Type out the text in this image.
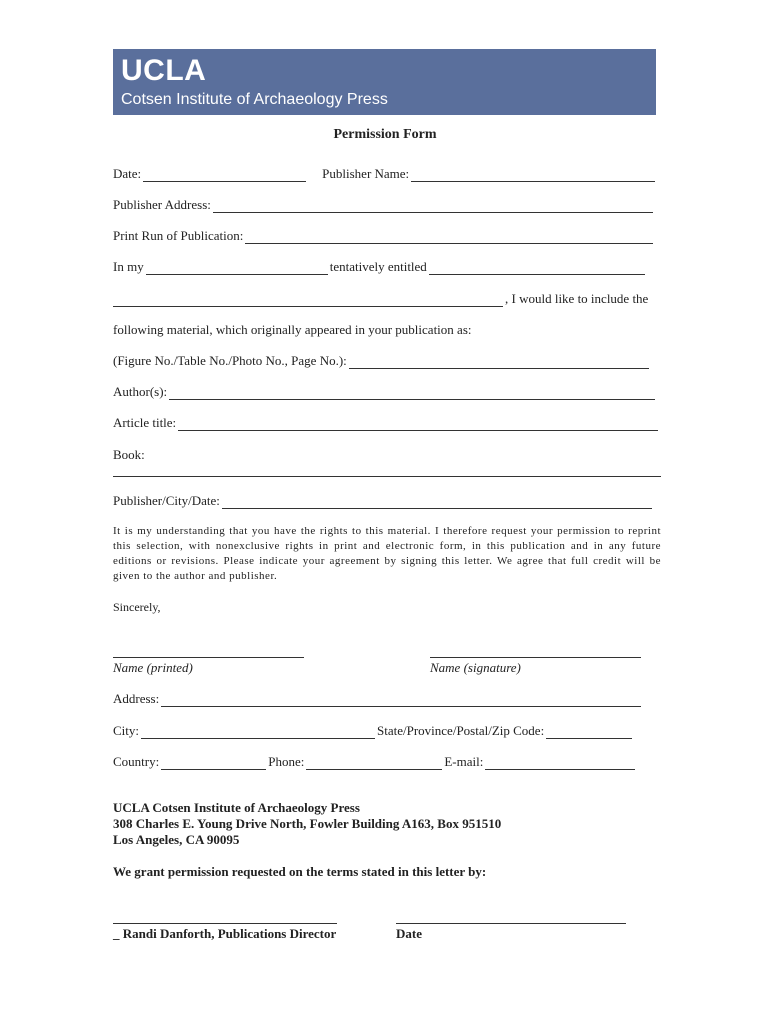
UCLA
Cotsen Institute of Archaeology Press
Permission Form
Date:	Publisher Name:
Publisher Address:
Print Run of Publication:
In my	tentatively entitled
, I would like to include the
following material, which originally appeared in your publication as:
(Figure No./Table No./Photo No., Page No.):
Author(s):
Article title:
Book:
Publisher/City/Date:
It is my understanding that you have the rights to this material. I therefore request your permission to reprint this selection, with nonexclusive rights in print and electronic form, in this publication and in any future editions or revisions. Please indicate your agreement by signing this letter. We agree that full credit will be given to the author and publisher.
Sincerely,
Name (printed)	Name (signature)
Address:
City:	State/Province/Postal/Zip Code:
Country:	Phone:	E-mail:
UCLA Cotsen Institute of Archaeology Press
308 Charles E. Young Drive North, Fowler Building A163, Box 951510
Los Angeles, CA 90095
We grant permission requested on the terms stated in this letter by:
_ Randi Danforth, Publications Director	Date
